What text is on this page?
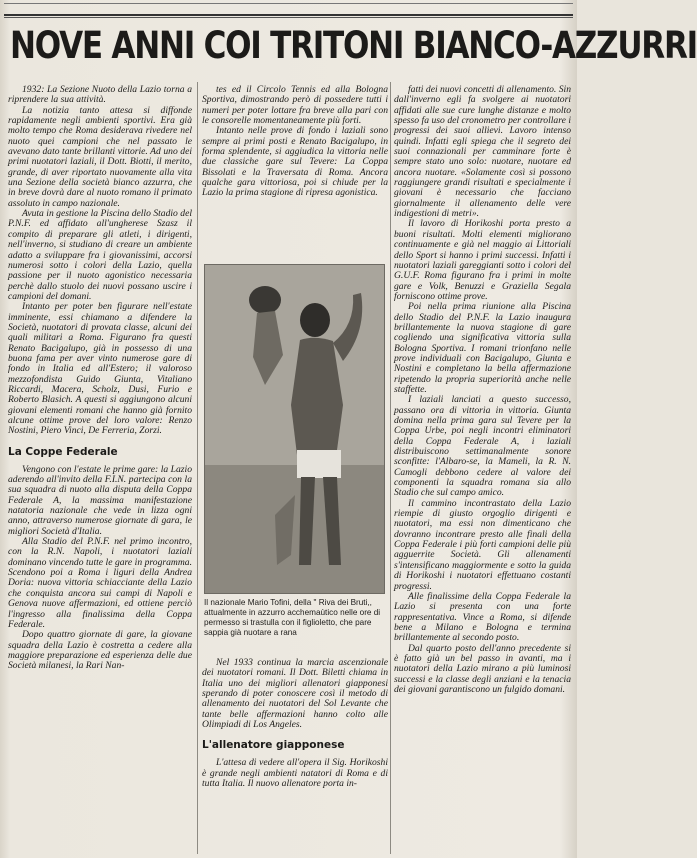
NOVE ANNI COI TRITONI BIANCO-AZZURRI

1932: La Sezione Nuoto della Lazio torna a riprendere la sua attività.

La notizia tanto attesa si diffonde rapidamente negli ambienti sportivi. Era già molto tempo che Roma desiderava rivedere nel nuoto quei campioni che nel passato le avevano dato tante brillanti vittorie. Ad uno dei primi nuotatori laziali, il Dott. Biotti, il merito, grande, di aver riportato nuovamente alla vita una Sezione della società bianco azzurra, che in breve dovrà dare al nuoto romano il primato assoluto in campo nazionale.

Avuta in gestione la Piscina dello Stadio del P.N.F. ed affidato all'ungherese Szasz il compito di preparare gli atleti, i dirigenti, nell'inverno, si studiano di creare un ambiente adatto a sviluppare fra i giovanissimi, accorsi numerosi sotto i colori della Lazio, quella passione per il nuoto agonistico necessaria perchè dallo stuolo dei nuovi possano uscire i campioni del domani.

Intanto per poter ben figurare nell'estate imminente, essi chiamano a difendere la Società, nuotatori di provata classe, alcuni dei quali militari a Roma. Figurano fra questi Renato Bacigalupo, già in possesso di una buona fama per aver vinto numerose gare di fondo in Italia ed all'Estero; il valoroso mezzofondista Guido Giunta, Vitaliano Riccardi, Macera, Scholz, Dusi, Furio e Roberto Blasich. A questi si aggiungono alcuni giovani elementi romani che hanno già fornito alcune ottime prove del loro valore: Renzo Nostini, Piero Vinci, De Ferreria, Zorzi.

La Coppe Federale

Vengono con l'estate le prime gare: la Lazio aderendo all'invito della F.I.N. partecipa con la sua squadra di nuoto alla disputa della Coppa Federale A, la massima manifestazione natatoria nazionale che vede in lizza ogni anno, attraverso numerose giornate di gara, le migliori Società d'Italia.

Alla Stadio del P.N.F. nel primo incontro, con la R.N. Napoli, i nuotatori laziali dominano vincendo tutte le gare in programma. Scendono poi a Roma i liguri della Andrea Doria: nuova vittoria schiacciante della Lazio che conquista ancora sui campi di Napoli e Genova nuove affermazioni, ed ottiene perciò l'ingresso alla finalissima della Coppa Federale.

Dopo quattro giornate di gare, la giovane squadra della Lazio è costretta a cedere alla maggiore preparazione ed esperienza delle due Società milanesi, la Rari Nan-

tes ed il Circolo Tennis ed alla Bologna Sportiva, dimostrando però di possedere tutti i numeri per poter lottare fra breve alla pari con le consorelle momentaneamente più forti.

Intanto nelle prove di fondo i laziali sono sempre ai primi posti e Renato Bacigalupo, in forma splendente, si aggiudica la vittoria nelle due classiche gare sul Tevere: La Coppa Bissolati e la Traversata di Roma. Ancora qualche gara vittoriosa, poi si chiude per la Lazio la prima stagione di ripresa agonistica.

Il nazionale Mario Tofini, della " Riva dei Bruti,, attualmente in azzurro acchemaùtico nelle ore di permesso si trastulla con il figlioletto, che pare sappia già nuotare a rana

Nel 1933 continua la marcia ascenzionale dei nuotatori romani. Il Dott. Biletti chiama in Italia uno dei migliori allenatori giapponesi sperando di poter conoscere così il metodo di allenamento dei nuotatori del Sol Levante che tante belle affermazioni hanno colto alle Olimpiadi di Los Angeles.

L'allenatore giapponese

L'attesa di vedere all'opera il Sig. Horikoshi è grande negli ambienti natatori di Roma e di tutta Italia. Il nuovo allenatore porta in-

fatti dei nuovi concetti di allenamento. Sin dall'inverno egli fa svolgere ai nuotatori affidati alle sue cure lunghe distanze e molto spesso fa uso del cronometro per controllare i progressi dei suoi allievi. Lavoro intenso quindi. Infatti egli spiega che il segreto dei suoi connazionali per camminare forte è sempre stato uno solo: nuotare, nuotare ed ancora nuotare. «Solamente così si possono raggiungere grandi risultati e specialmente i giovani è necessario che facciano giornalmente il allenamento delle vere indigestioni di metri».

Il lavoro di Horikoshi porta presto a buoni risultati. Molti elementi migliorano continuamente e già nel maggio ai Littoriali dello Sport si hanno i primi successi. Infatti i nuotatori laziali gareggianti sotto i colori del G.U.F. Roma figurano fra i primi in molte gare e Volk, Benuzzi e Graziella Segala forniscono ottime prove.

Poi nella prima riunione alla Piscina dello Stadio del P.N.F. la Lazio inaugura brillantemente la nuova stagione di gare cogliendo una significativa vittoria sulla Bologna Sportiva. I romani trionfano nelle prove individuali con Bacigalupo, Giunta e Nostini e completano la bella affermazione ripetendo la propria superiorità anche nelle staffette.

I laziali lanciati a questo successo, passano ora di vittoria in vittoria. Giunta domina nella prima gara sul Tevere per la Coppa Urbe, poi negli incontri eliminatori della Coppa Federale A, i laziali distribuiscono settimanalmente sonore sconfitte: l'Albaro-se, la Mameli, la R. N. Camogli debbono cedere al valore dei componenti la squadra romana sia allo Stadio che sul campo amico.

Il cammino incontrastato della Lazio riempie di giusto orgoglio dirigenti e nuotatori, ma essi non dimenticano che dovranno incontrare presto alle finali della Coppa Federale i più forti campioni delle più agguerrite Società. Gli allenamenti s'intensificano maggiormente e sotto la guida di Horikoshi i nuotatori effettuano costanti progressi.

Alle finalissime della Coppa Federale la Lazio si presenta con una forte rappresentativa. Vince a Roma, si difende bene a Milano e Bologna e termina brillantemente al secondo posto.

Dal quarto posto dell'anno precedente si è fatto già un bel passo in avanti, ma i nuotatori della Lazio mirano a più luminosi successi e la classe degli anziani e la tenacia dei giovani garantiscono un fulgido domani.
